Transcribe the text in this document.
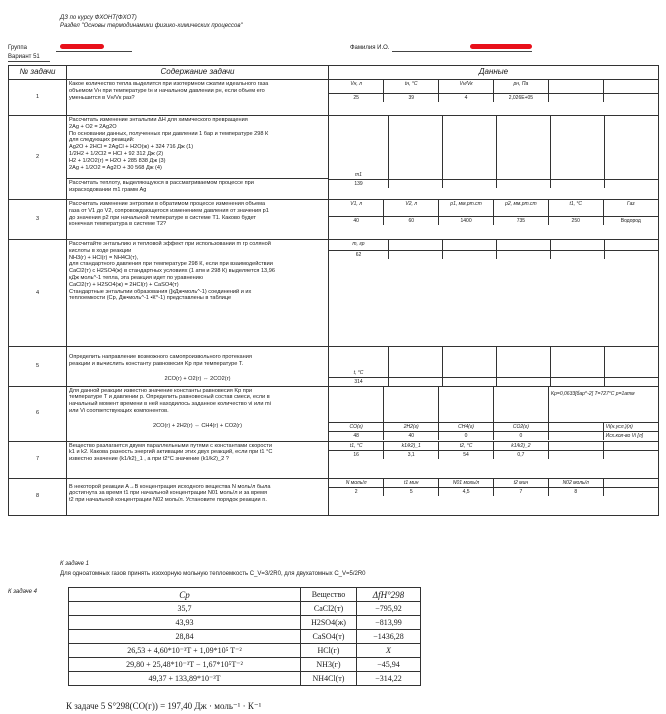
ДЗ по курсу ФХОНТ(ФХОТ)
Раздел "Основы термодинамики физико-химических процессов"
Группа
Вариант 51
Фамилия И.О.
№ задачи	Содержание задачи	Данные
1	
Какое количество тепла выделится при изотермном сжатии идеального газа
объемом Vн при температуре tн и начальном давлении pн, если объем его
уменьшится в Vн/Vк раз?

Vн, л	tн, °С	Vн/Vк	pн, Па		
25	39	4	2,026E+05		

2	
Рассчитать изменение энтальпии ΔH для химического превращения
2Ag + O2 = 2Ag2O
По основании данных, полученных при давлении 1 бар и температуре 298 К
для следующих реакций:
Ag2O + 2HCl = 2AgCl + H2O(ж) + 324 716 Дж (1)
1/2H2 + 1/2Cl2 = HCl + 92 312 Дж (2)
H2 + 1/2O2(г) = H2O + 285 838 Дж (3)
2Ag + 1/2O2 = Ag2O + 30 568 Дж (4)
Рассчитать теплоту, выделяющуюся в рассматриваемом процессе при
израсходовании m1 грамм Ag

m1					
139					

3	
Рассчитать изменение энтропии в обратимом процессе изменения объема
газа от V1 до V2, сопровождающегося изменением давления от значения p1
до значения p2 при начальной температуре в системе T1. Каково будет
конечная температура в системе T2?

V1, л	V2, л	p1, мм.рт.ст	p2, мм.рт.ст	t1, °С	Газ
40	60	1400	735	250	Водород

4	
Рассчитайте энтальпию и тепловой эффект при использовании m гр соляной
кислоты в ходе реакции
NH3(г) + HCl(г) = NH4Cl(т),
для стандартного давления при температуре 298 К, если при взаимодействии
CaCl2(т) с H2SO4(ж) в стандартных условиях (1 атм и 298 К) выделяется 13,96
кДж моль^-1 тепла, эта реакция идет по уравнению
CaCl2(т) + H2SO4(ж) = 2HCl(г) + CaSO4(т)
Стандартные энтальпии образования ([кДж•моль^-1) соединений и их
теплоемкости (Cp, Дж•моль^-1 •К^-1) представлены в таблице

m, гр					
62					

5	
Определить направление возможного самопроизвольного протекания
реакции и вычислить константу равновесия Kp при температуре T.
2CO(г) + O2(г) ⇔ 2CO2(г)

t, °С					
314					

6	
Для данной реакции известно значение константы равновесия Kp при
температуре T и давлении p. Определить равновесный состав смеси, если в
начальный момент времени в ней находилось заданное количество vi или mi
или Vi соответствующих компонентов.
2CO(г) + 2H2(г) ⇔ CH4(г) + CO2(г)

				Kp=0,0633[бар^-2] T=727°C p=1атм
CO(г)	2H2(г)	CH4(г)	CO2(г)		Vi(н.усл.)(л)
48	40	0	0		Исх.кол-во Vi [л]

7	
Вещество разлагается двумя параллельными путями с константами скорости
k1 и k2. Какова разность энергий активации этих двух реакций, если при t1 °С
известно значение (k1/k2)_1 , а при t2°С значение (k1/k2)_2 ?

t1, °С	k1/k2)_1	t2, °С	k1/k2)_2		
16	3,1	54	0,7		

8	
В некоторой реакции A→B концентрация исходного вещества N моль/л была
достигнута за время t1 при начальной концентрации N01 моль/л и за время
t2 при начальной концентрации N02 моль/л. Установите порядок реакции n.

N моль/л	t1 мин	N01 моль/л	t2 мин	N02 моль/л	
2	5	4,5	7	8	
К задаче 1
Для одноатомных газов принять изохорную мольную теплоемкость C_V=3/2R0, для двухатомных C_V=5/2R0
К задаче 4	Cp	Вещество	ΔfH°298
35,7	CaCl2(т)	−795,92
43,93	H2SO4(ж)	−813,99
28,84	CaSO4(т)	−1436,28
26,53 + 4,60*10⁻³T + 1,09*10⁵ T⁻²	HCl(г)	X
29,80 + 25,48*10⁻³T − 1,67*10⁵T⁻²	NH3(г)	−45,94
49,37 + 133,89*10⁻³T	NH4Cl(т)	−314,22
К задаче 5 S°298(CO(г)) = 197,40 Дж · моль⁻¹ · К⁻¹
